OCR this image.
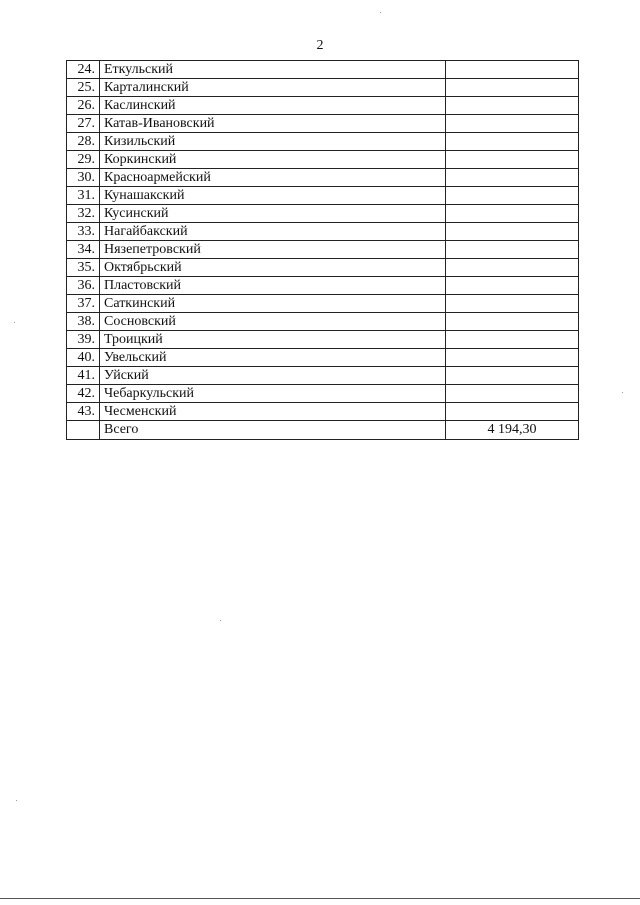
2
24.	Еткульский	
25.	Карталинский	
26.	Каслинский	
27.	Катав-Ивановский	
28.	Кизильский	
29.	Коркинский	
30.	Красноармейский	
31.	Кунашакский	
32.	Кусинский	
33.	Нагайбакский	
34.	Нязепетровский	
35.	Октябрьский	
36.	Пластовский	
37.	Саткинский	
38.	Сосновский	
39.	Троицкий	
40.	Увельский	
41.	Уйский	
42.	Чебаркульский	
43.	Чесменский	
	Всего	4 194,30
